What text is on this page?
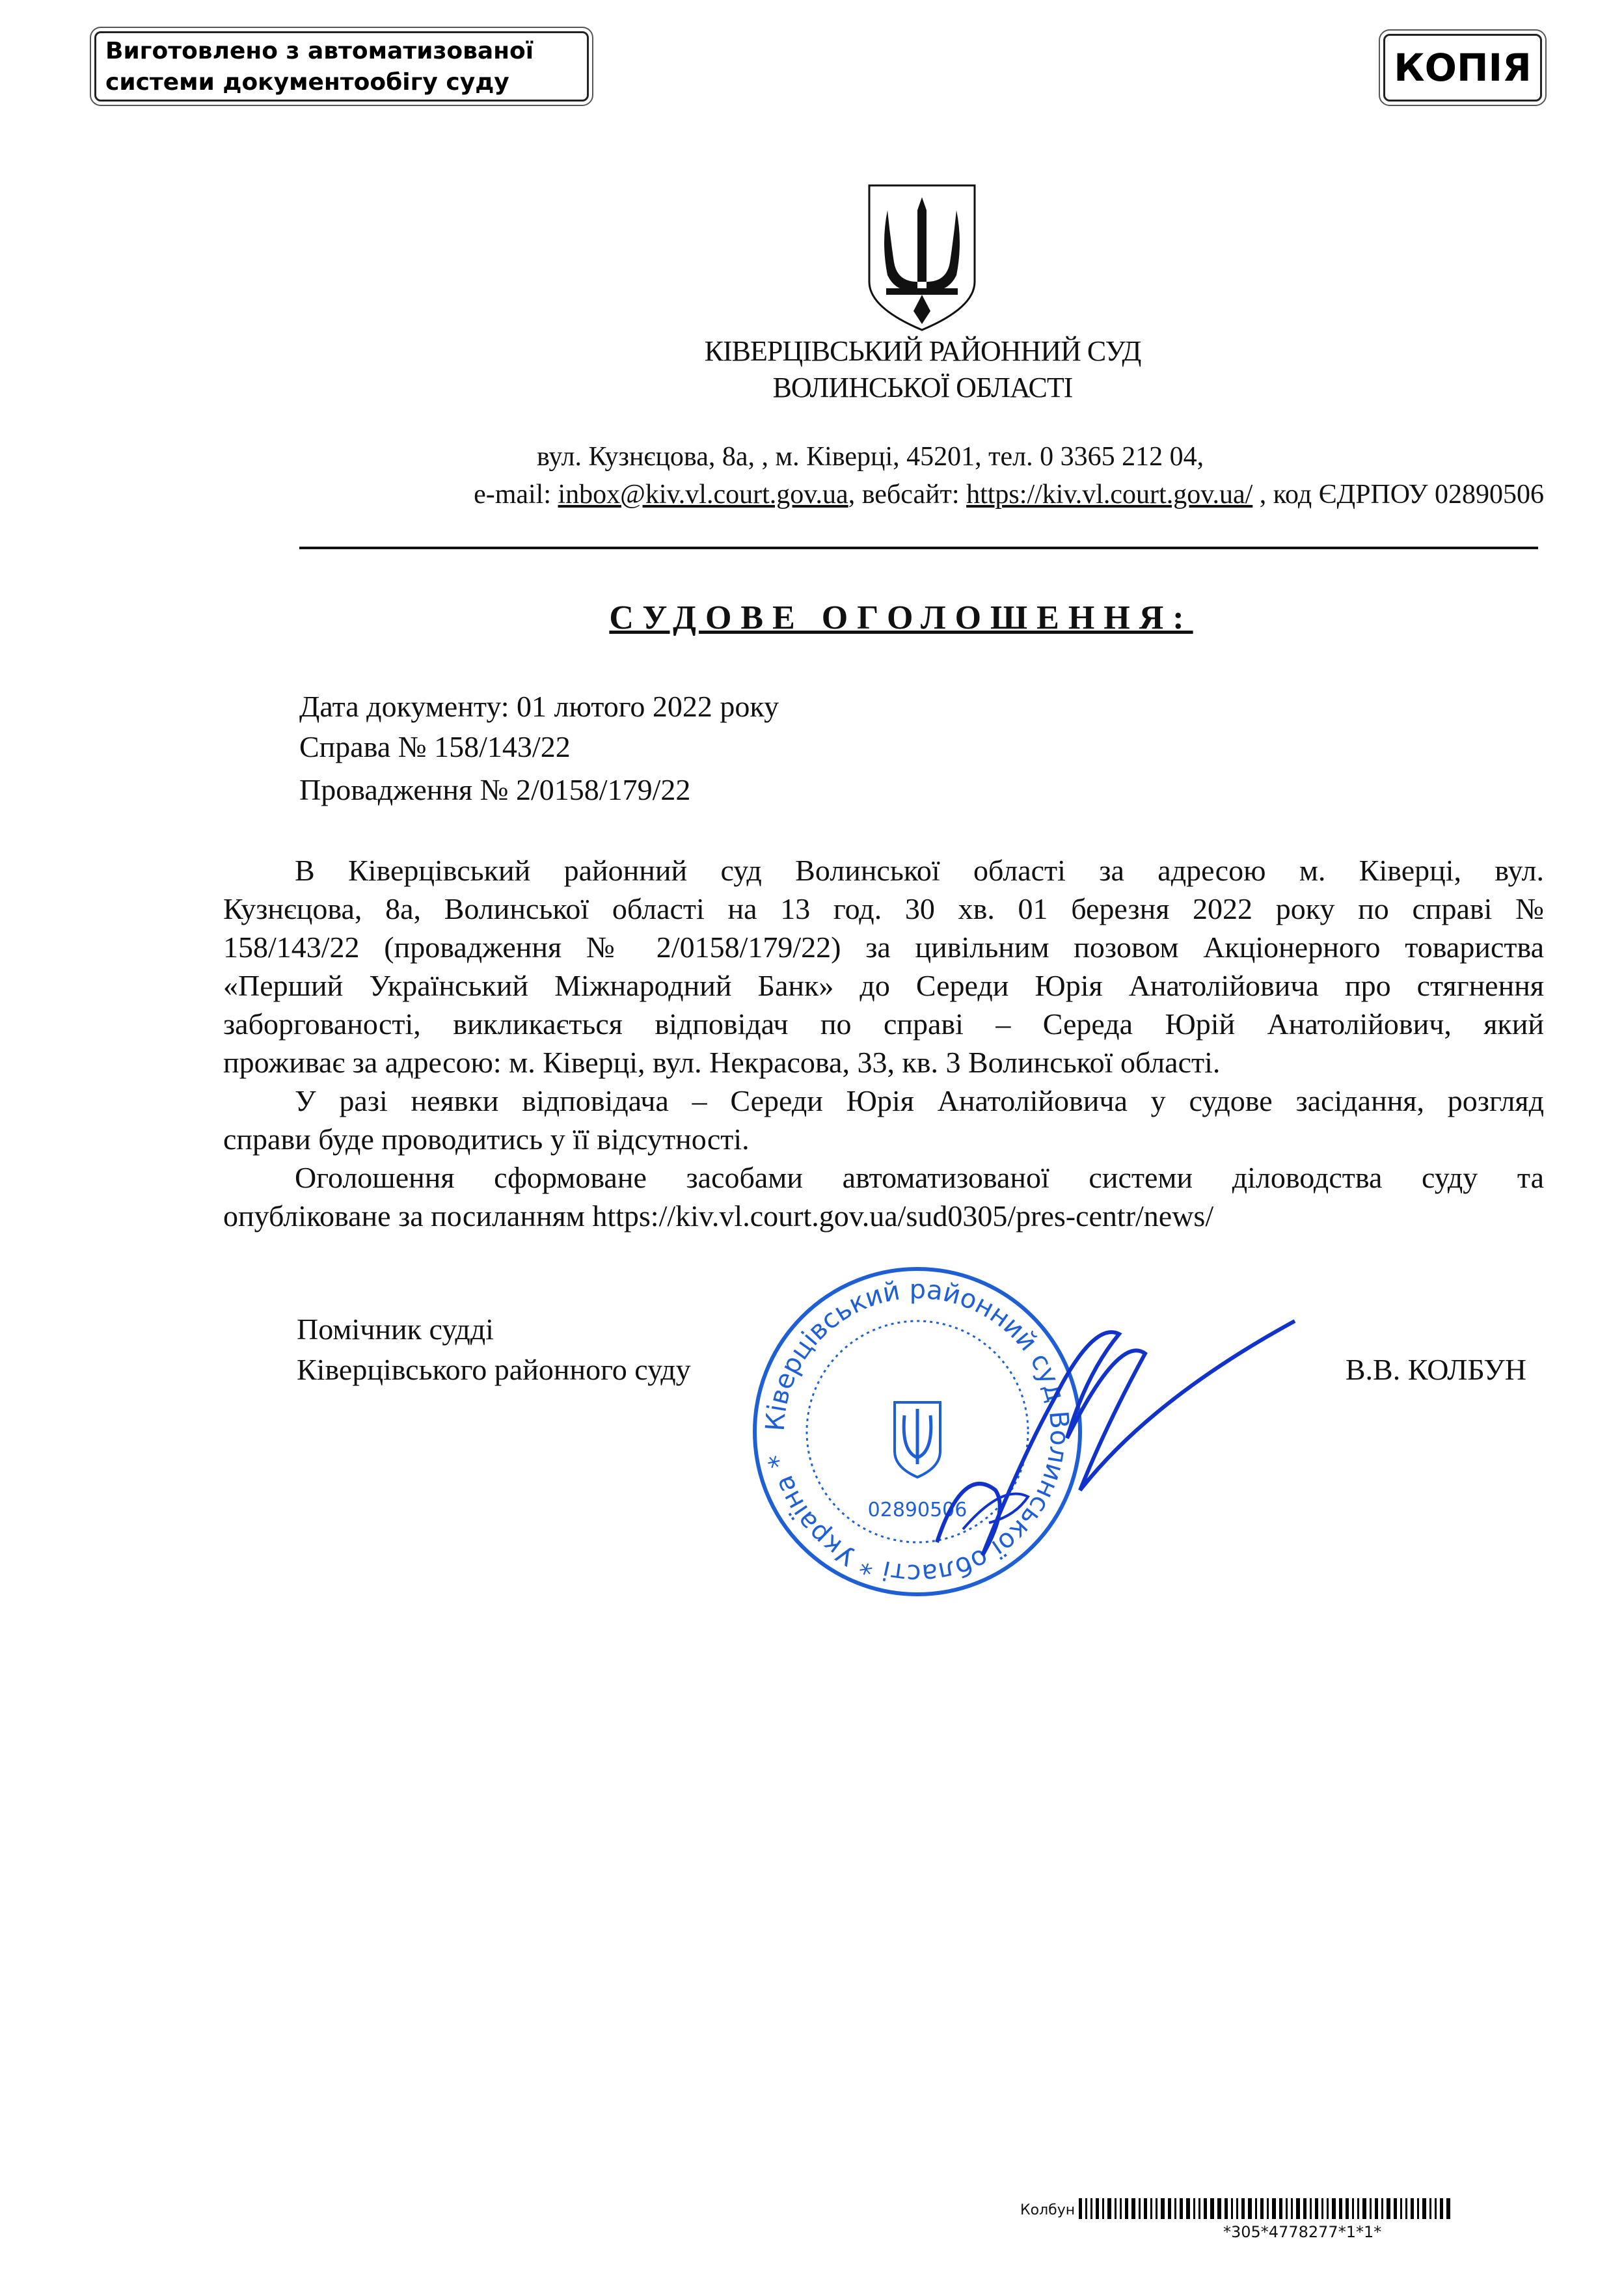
Виготовлено з автоматизованої
системи документообігу суду	КОПІЯ
КІВЕРЦІВСЬКИЙ РАЙОННИЙ СУД
ВОЛИНСЬКОЇ ОБЛАСТІ
вул. Кузнєцова, 8а, , м. Ківерці, 45201, тел. 0 3365 212 04,
e-mail: inbox@kiv.vl.court.gov.ua, вебсайт: https://kiv.vl.court.gov.ua/ , код ЄДРПОУ 02890506
СУДОВЕ ОГОЛОШЕННЯ:
Дата документу: 01 лютого 2022 року
Справа № 158/143/22
Провадження № 2/0158/179/22
В Ківерцівський районний суд Волинської області за адресою м. Ківерці, вул.
Кузнєцова, 8а, Волинської області на 13 год. 30 хв. 01 березня 2022 року по справі №
158/143/22 (провадження № 2/0158/179/22) за цивільним позовом Акціонерного товариства
«Перший Український Міжнародний Банк» до Середи Юрія Анатолійовича про стягнення
заборгованості, викликається відповідач по справі – Середа Юрій Анатолійович, який
проживає за адресою: м. Ківерці, вул. Некрасова, 33, кв. 3 Волинської області.
У разі неявки відповідача – Середи Юрія Анатолійовича у судове засідання, розгляд
справи буде проводитись у її відсутності.
Оголошення сформоване засобами автоматизованої системи діловодства суду та
опубліковане за посиланням https://kiv.vl.court.gov.ua/sud0305/pres-centr/news/
Помічник судді
Ківерцівського районного суду	В.В. КОЛБУН
Ківерцівський районний суд Волинської області * Україна *
02890506
Колбун
*305*4778277*1*1*
